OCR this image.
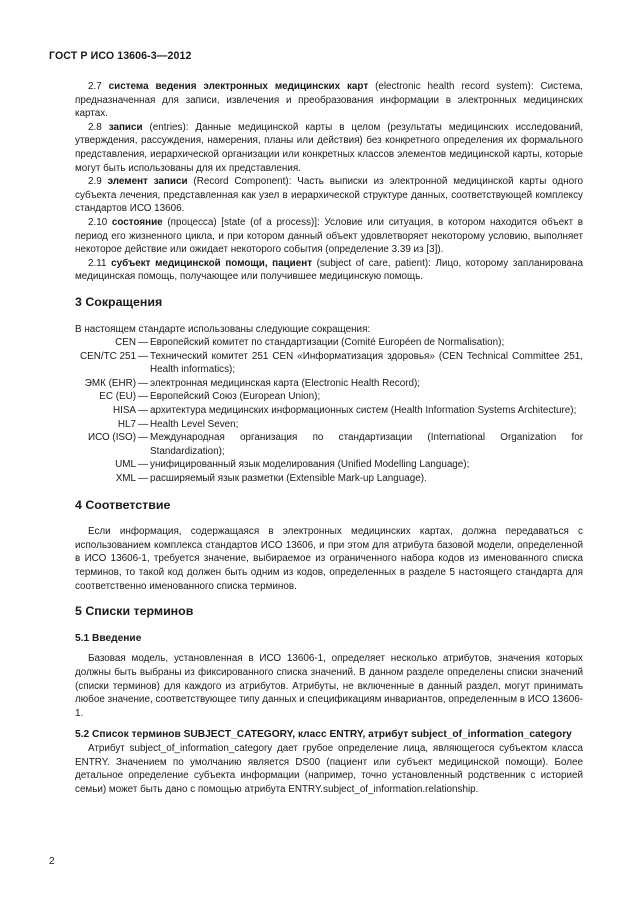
ГОСТ Р ИСО 13606-3—2012

2.7 система ведения электронных медицинских карт (electronic health record system): Система, предназначенная для записи, извлечения и преобразования информации в электронных медицинских картах.

2.8 записи (entries): Данные медицинской карты в целом (результаты медицинских исследований, утверждения, рассуждения, намерения, планы или действия) без конкретного определения их формального представления, иерархической организации или конкретных классов элементов медицинской карты, которые могут быть использованы для их представления.

2.9 элемент записи (Record Component): Часть выписки из электронной медицинской карты одного субъекта лечения, представленная как узел в иерархической структуре данных, соответствующей комплексу стандартов ИСО 13606.

2.10 состояние (процесса) [state (of a process)]: Условие или ситуация, в котором находится объект в период его жизненного цикла, и при котором данный объект удовлетворяет некоторому условию, выполняет некоторое действие или ожидает некоторого события (определение 3.39 из [3]).

2.11 субъект медицинской помощи, пациент (subject of care, patient): Лицо, которому запланирована медицинская помощь, получающее или получившее медицинскую помощь.

3 Сокращения

В настоящем стандарте использованы следующие сокращения:

CEN — Европейский комитет по стандартизации (Comité Européen de Normalisation);
CEN/TC 251 — Технический комитет 251 CEN «Информатизация здоровья» (CEN Technical Committee 251, Health informatics);
ЭМК (EHR) — электронная медицинская карта (Electronic Health Record);
EC (EU) — Европейский Союз (European Union);
HISA — архитектура медицинских информационных систем (Health Information Systems Architecture);
HL7 — Health Level Seven;
ИСО (ISO) — Международная организация по стандартизации (International Organization for Standardization);
UML — унифицированный язык моделирования (Unified Modelling Language);
XML — расширяемый язык разметки (Extensible Mark-up Language).
4 Соответствие

Если информация, содержащаяся в электронных медицинских картах, должна передаваться с использованием комплекса стандартов ИСО 13606, и при этом для атрибута базовой модели, определенной в ИСО 13606-1, требуется значение, выбираемое из ограниченного набора кодов из именованного списка терминов, то такой код должен быть одним из кодов, определенных в разделе 5 настоящего стандарта для соответственно именованного списка терминов.

5 Списки терминов
5.1 Введение

Базовая модель, установленная в ИСО 13606-1, определяет несколько атрибутов, значения которых должны быть выбраны из фиксированного списка значений. В данном разделе определены списки значений (списки терминов) для каждого из атрибутов. Атрибуты, не включенные в данный раздел, могут принимать любое значение, соответствующее типу данных и спецификациям инвариантов, определенным в ИСО 13606-1.

5.2 Список терминов SUBJECT_CATEGORY, класс ENTRY, атрибут subject_of_information_category

Атрибут subject_of_information_category дает грубое определение лица, являющегося субъектом класса ENTRY. Значением по умолчанию является DS00 (пациент или субъект медицинской помощи). Более детальное определение субъекта информации (например, точно установленный родственник с историей семьи) может быть дано с помощью атрибута ENTRY.subject_of_information.relationship.

2
